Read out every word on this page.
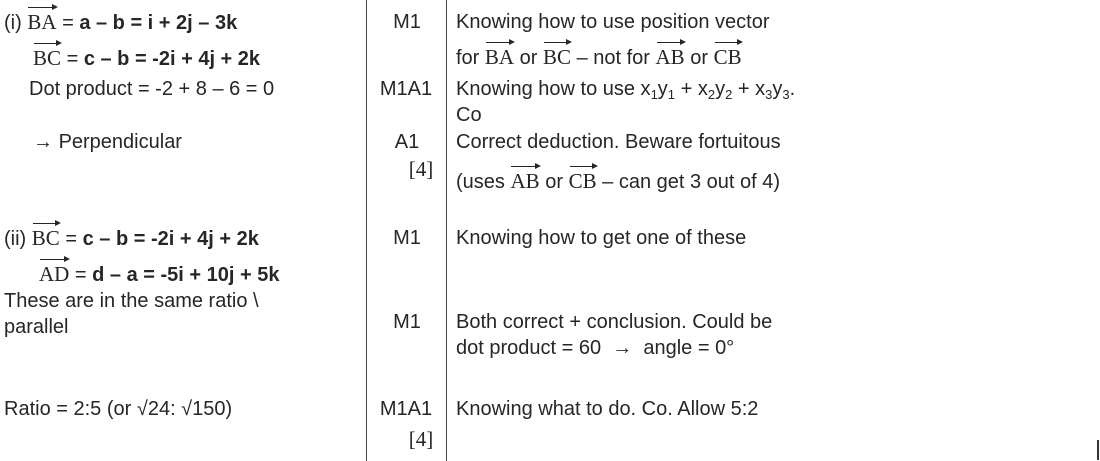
(i) BA = a – b = i + 2j – 3k
BC = c – b = -2i + 4j + 2k
Dot product = -2 + 8 – 6 = 0
→ Perpendicular
M1
M1A1
A1
[4]
Knowing how to use position vector
for BA or BC – not for AB or CB
Knowing how to use $x_1y_1 + x_2y_2 + x_3y_3$.
Co
Correct deduction. Beware fortuitous
(uses AB or CB – can get 3 out of 4)
(ii) BC = c – b = -2i + 4j + 2k
AD = d – a = -5i + 10j + 5k
These are in the same ratio \
parallel
Ratio = 2:5 (or √24: √150)
M1
M1
M1A1
[4]
Knowing how to get one of these
Both correct + conclusion. Could be
dot product = 60  →  angle = 0°
Knowing what to do. Co. Allow 5:2
